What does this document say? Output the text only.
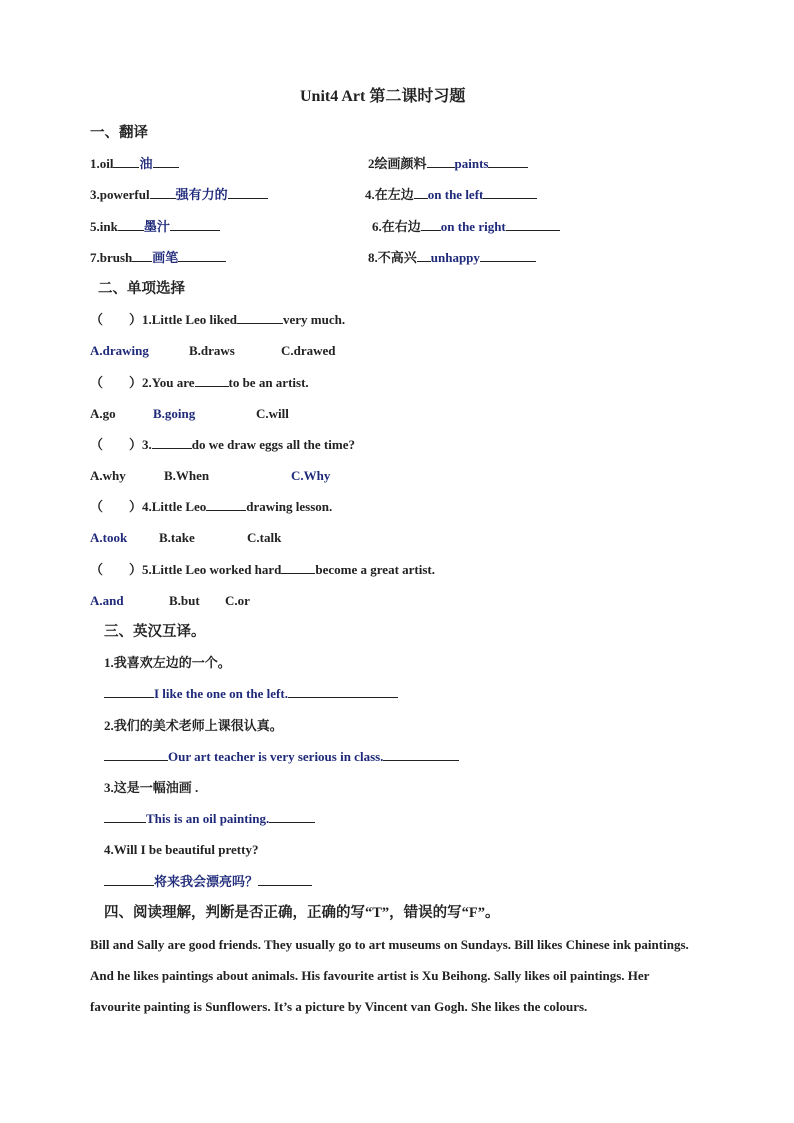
Unit4 Art 第二课时习题
一、翻译
1.oil 油	2绘画颜料 paints
3.powerful 强有力的	4.在左边 on the left
5.ink 墨汁	6.在右边 on the right
7.brush 画笔	8.不高兴 unhappy
二、单项选择
（　　）1.Little Leo liked	very much.
A.drawing	B.draws	C.drawed
（　　）2.You are	to be an artist.
A.go	B.going	C.will
（　　）3.	do we draw eggs all the time?
A.why	B.When	C.Why
（　　）4.Little Leo	drawing lesson.
A.took B.take	C.talk
（　　）5.Little Leo worked hard	become a great artist.
A.and	B.but C.or
三、英汉互译。
1.我喜欢左边的一个。
I like the one on the left.
2.我们的美术老师上课很认真。
Our art teacher is very serious in class.
3.这是一幅油画 .
This is an oil painting.
4.Will I be beautiful pretty?
将来我会漂亮吗？
四、阅读理解，判断是否正确，正确的写“T”，错误的写“F”。
Bill and Sally are good friends. They usually go to art museums on Sundays. Bill likes Chinese ink paintings. And he likes paintings about animals. His favourite artist is Xu Beihong. Sally likes oil paintings. Her favourite painting is Sunflowers. It’s a picture by Vincent van Gogh. She likes the colours.
